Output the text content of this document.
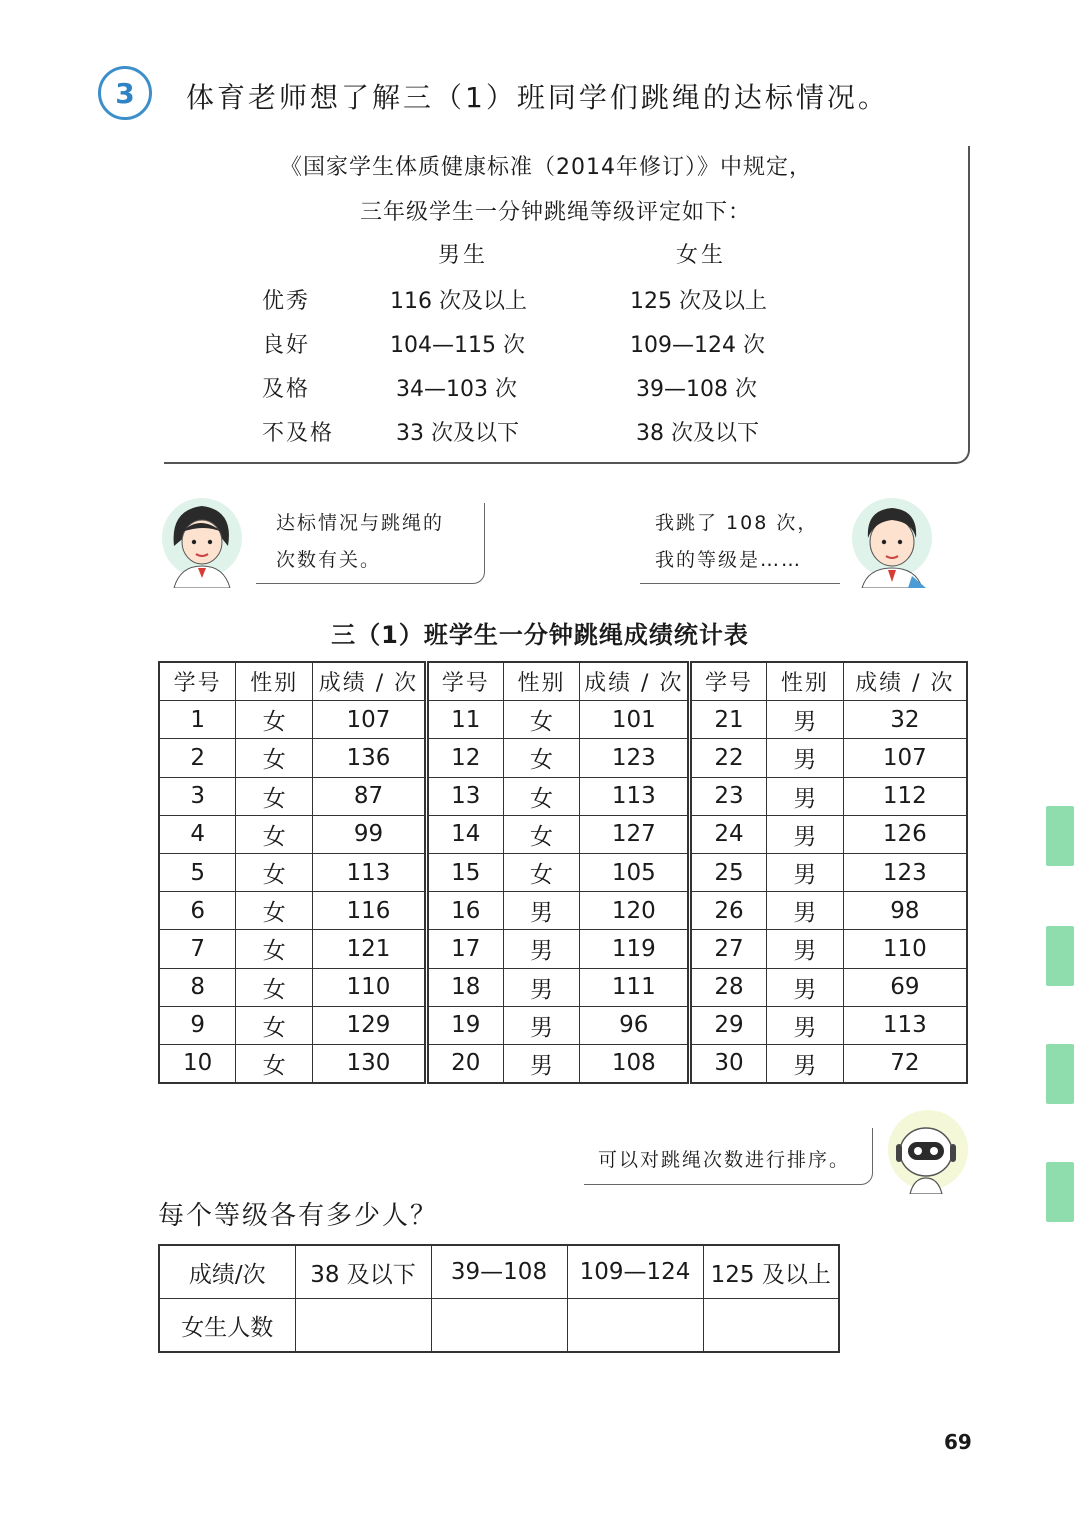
3	体育老师想了解三（1）班同学们跳绳的达标情况。
《国家学生体质健康标准（2014年修订）》中规定，
三年级学生一分钟跳绳等级评定如下：
男生	女生
优秀	116 次及以上	125 次及以上
良好	104—115 次	109—124 次
及格	34—103 次	39—108 次
不及格	33 次及以下	38 次及以下
达标情况与跳绳的
次数有关。
我跳了 108 次，
我的等级是……
三（1）班学生一分钟跳绳成绩统计表
学号	性别	成绩 / 次	学号	性别	成绩 / 次	学号	性别	成绩 / 次
1	女	107	11	女	101	21	男	32
2	女	136	12	女	123	22	男	107
3	女	87	13	女	113	23	男	112
4	女	99	14	女	127	24	男	126
5	女	113	15	女	105	25	男	123
6	女	116	16	男	120	26	男	98
7	女	121	17	男	119	27	男	110
8	女	110	18	男	111	28	男	69
9	女	129	19	男	96	29	男	113
10	女	130	20	男	108	30	男	72
可以对跳绳次数进行排序。
每个等级各有多少人？
成绩/次	38 及以下	39—108	109—124	125 及以上
女生人数				
69
